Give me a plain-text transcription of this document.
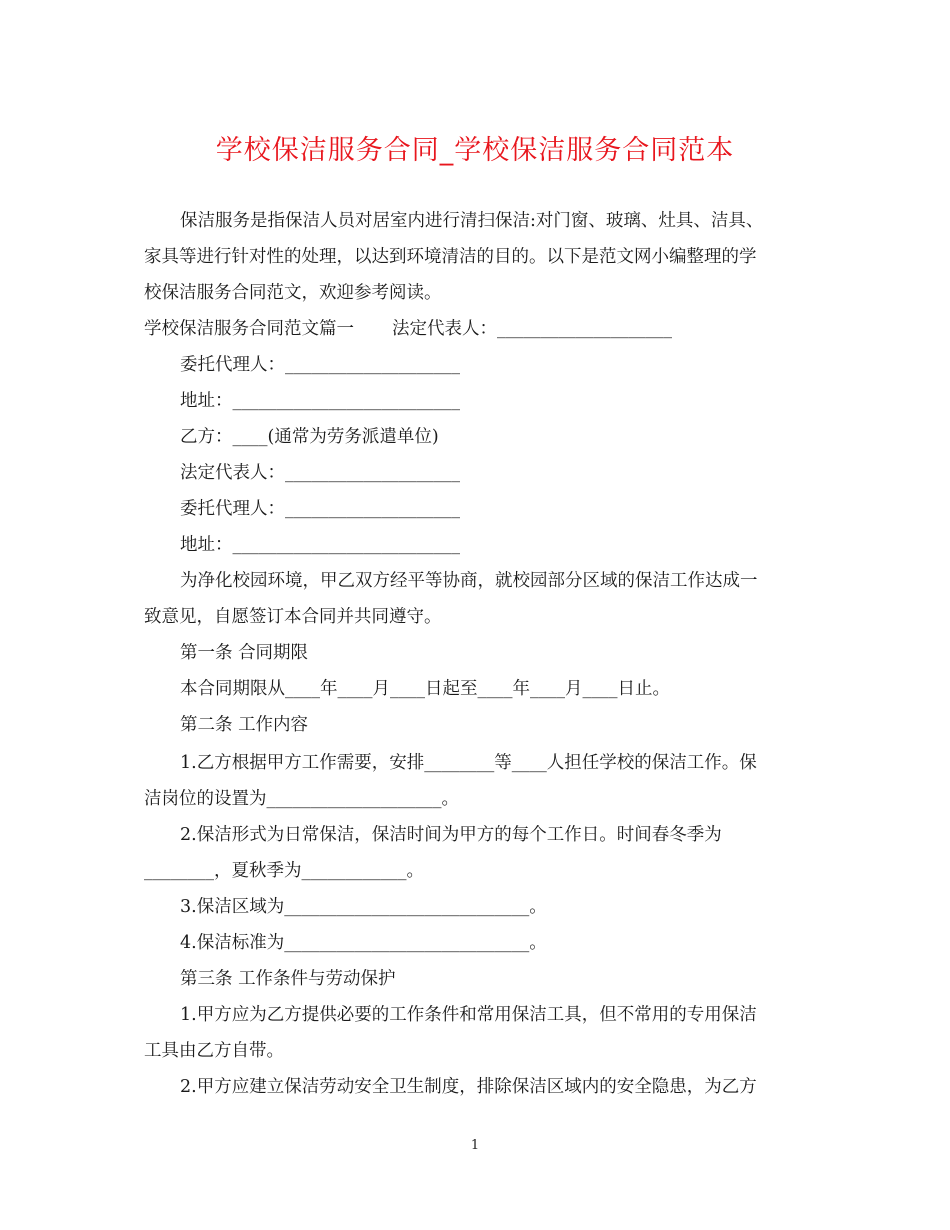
学校保洁服务合同_学校保洁服务合同范本
保洁服务是指保洁人员对居室内进行清扫保洁:对门窗、玻璃、灶具、洁具、
家具等进行针对性的处理，以达到环境清洁的目的。以下是范文网小编整理的学
校保洁服务合同范文，欢迎参考阅读。
学校保洁服务合同范文篇一 法定代表人：____________________
委托代理人：____________________
地址：__________________________
乙方：____(通常为劳务派遣单位)
法定代表人：____________________
委托代理人：____________________
地址：__________________________
为净化校园环境，甲乙双方经平等协商，就校园部分区域的保洁工作达成一
致意见，自愿签订本合同并共同遵守。
第一条 合同期限
本合同期限从____年____月____日起至____年____月____日止。
第二条 工作内容
1.乙方根据甲方工作需要，安排________等____人担任学校的保洁工作。保
洁岗位的设置为____________________。
2.保洁形式为日常保洁，保洁时间为甲方的每个工作日。时间春冬季为
________，夏秋季为____________。
3.保洁区域为____________________________。
4.保洁标准为____________________________。
第三条 工作条件与劳动保护
1.甲方应为乙方提供必要的工作条件和常用保洁工具，但不常用的专用保洁
工具由乙方自带。
2.甲方应建立保洁劳动安全卫生制度，排除保洁区域内的安全隐患，为乙方
1
